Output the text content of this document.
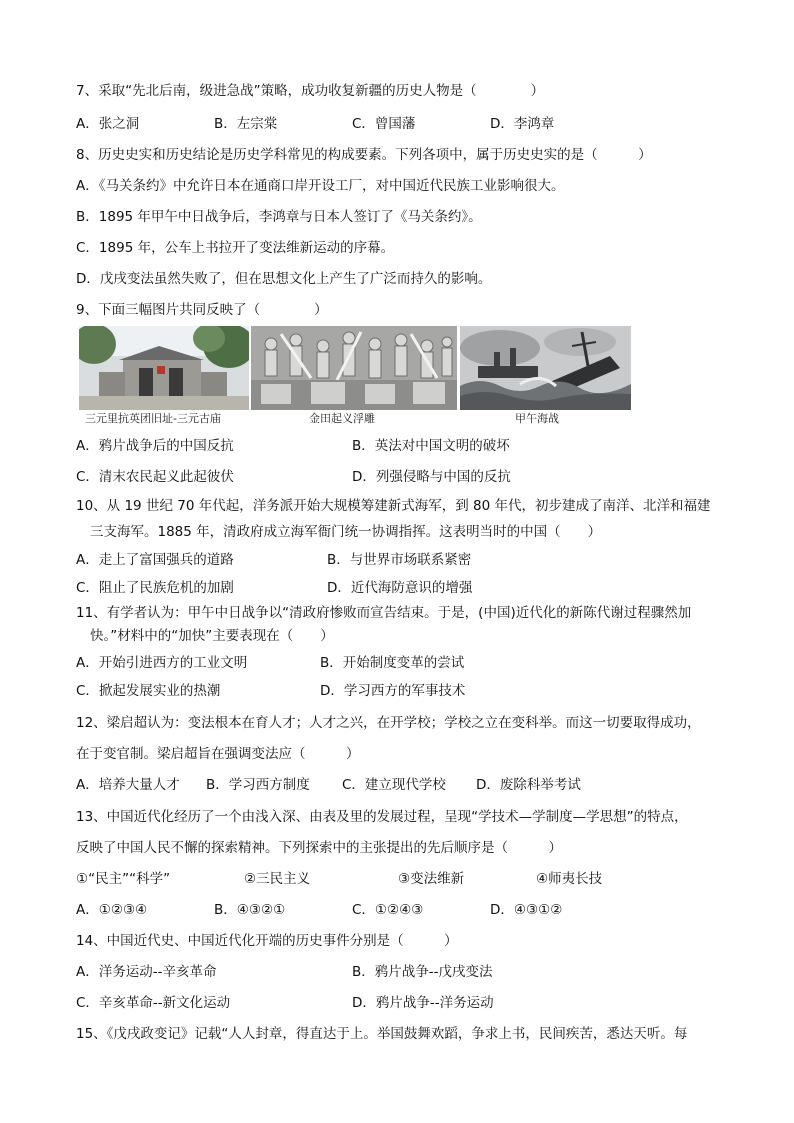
7、采取“先北后南，级进急战”策略，成功收复新疆的历史人物是（　　　　）
A．张之洞	B．左宗棠	C．曾国藩	D．李鸿章
8、历史史实和历史结论是历史学科常见的构成要素。下列各项中，属于历史史实的是（　　　）
A．《马关条约》中允许日本在通商口岸开设工厂，对中国近代民族工业影响很大。
B．1895 年甲午中日战争后，李鸿章与日本人签订了《马关条约》。
C．1895 年，公车上书拉开了变法维新运动的序幕。
D．戊戌变法虽然失败了，但在思想文化上产生了广泛而持久的影响。
9、下面三幅图片共同反映了（　　　　）
三元里抗英团旧址-三元古庙	金田起义浮雕	甲午海战
A．鸦片战争后的中国反抗	B．英法对中国文明的破坏
C．清末农民起义此起彼伏	D．列强侵略与中国的反抗
10、从 19 世纪 70 年代起，洋务派开始大规模筹建新式海军，到 80 年代，初步建成了南洋、北洋和福建
三支海军。1885 年，清政府成立海军衙门统一协调指挥。这表明当时的中国（　　）
A．走上了富国强兵的道路	B．与世界市场联系紧密
C．阻止了民族危机的加剧	D．近代海防意识的增强
11、有学者认为：甲午中日战争以“清政府惨败而宣告结束。于是，(中国)近代化的新陈代谢过程骤然加
快。”材料中的“加快”主要表现在（　　）
A．开始引进西方的工业文明	B．开始制度变革的尝试
C．掀起发展实业的热潮	D．学习西方的军事技术
12、梁启超认为：变法根本在育人才；人才之兴，在开学校；学校之立在变科举。而这一切要取得成功，
在于变官制。梁启超旨在强调变法应（　　　）
A．培养大量人才 B．学习西方制度 C．建立现代学校 D．废除科举考试
13、中国近代化经历了一个由浅入深、由表及里的发展过程，呈现“学技术—学制度—学思想”的特点，
反映了中国人民不懈的探索精神。下列探索中的主张提出的先后顺序是（　　　）
①“民主”“科学”	②三民主义	③变法维新	④师夷长技
A．①②③④	B．④③②①	C．①②④③	D．④③①②
14、中国近代史、中国近代化开端的历史事件分别是（　　　）
A．洋务运动--辛亥革命	B．鸦片战争--戊戌变法
C．辛亥革命--新文化运动	D．鸦片战争--洋务运动
15、《戊戌政变记》记载“人人封章，得直达于上。举国鼓舞欢蹈，争求上书，民间疾苦，悉达天听。每
